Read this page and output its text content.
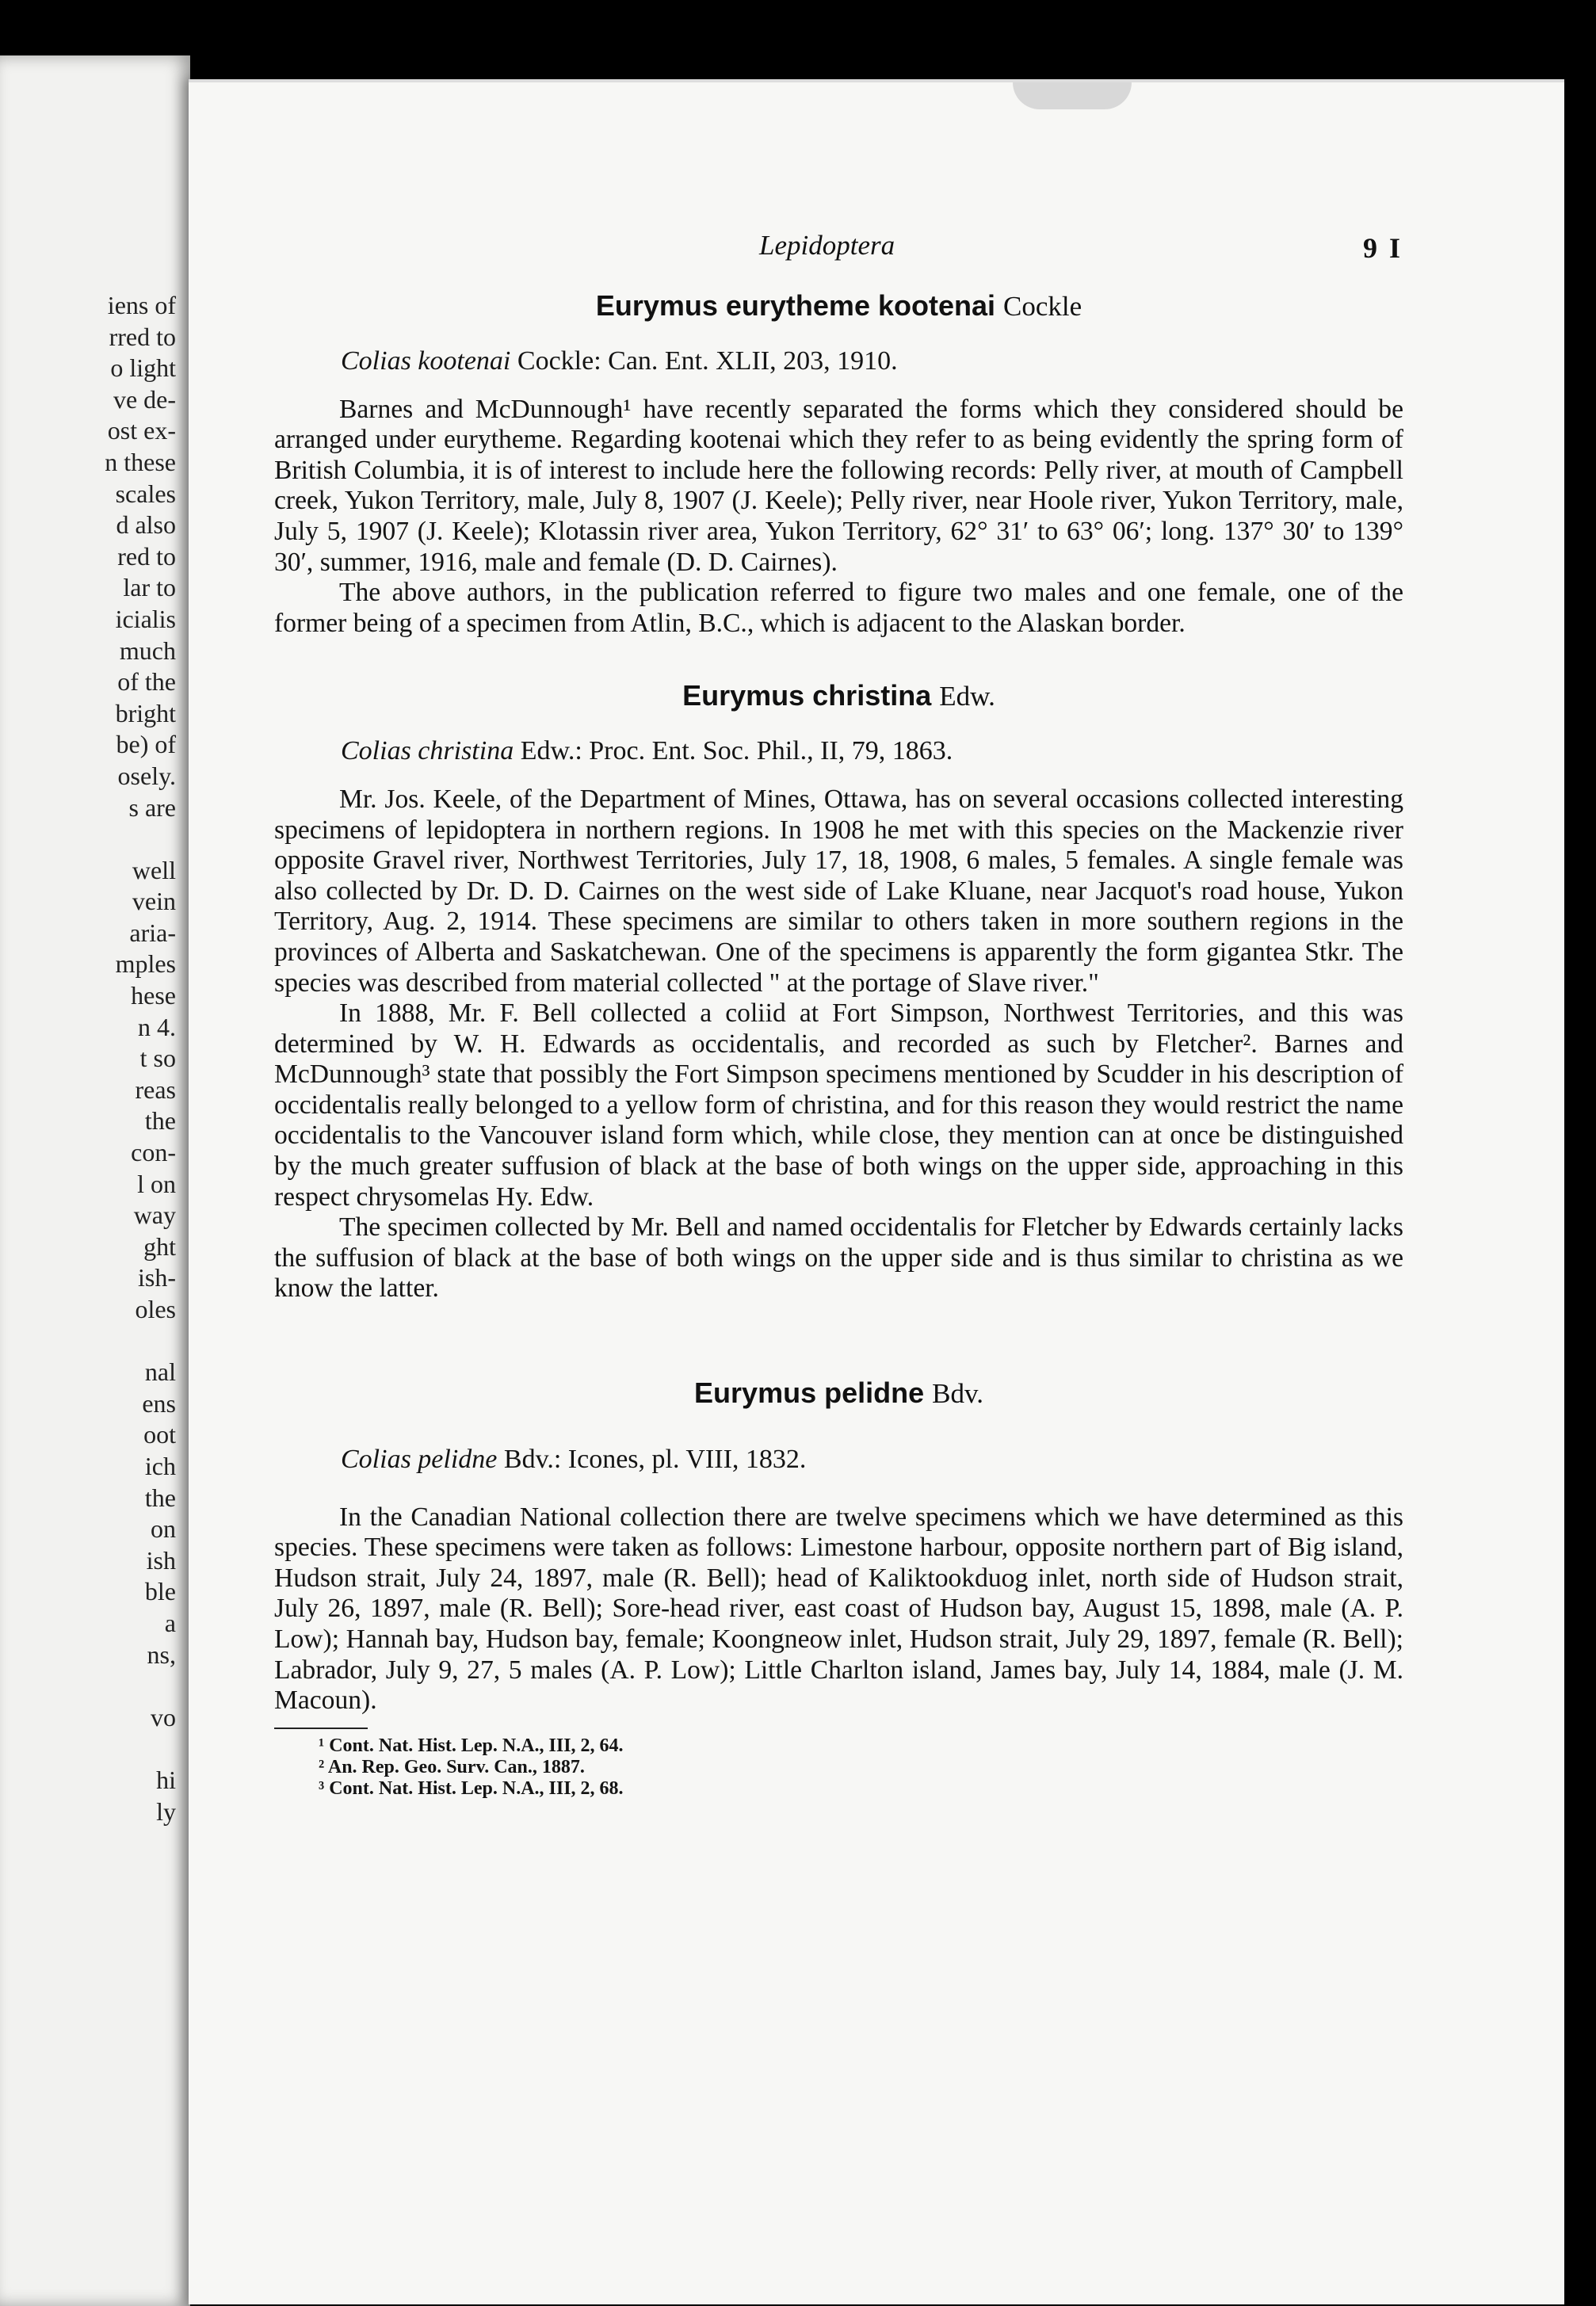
iens of
rred to
o light
ve de-
ost ex-
n these
scales
d also
red to
lar to
icialis
much
of the
bright
be) of
osely.
s are
well
vein
aria-
mples
hese
n 4.
t so
reas
the
con-
l on
way
ght
ish-
oles
nal
ens
oot
ich
the
on
ish
ble
a
ns,
vo
hi
ly
Lepidoptera	9 I
Eurymus eurytheme kootenai Cockle
Colias kootenai Cockle: Can. Ent. XLII, 203, 1910.

Barnes and McDunnough¹ have recently separated the forms which they considered should be arranged under eurytheme. Regarding kootenai which they refer to as being evidently the spring form of British Columbia, it is of interest to include here the following records: Pelly river, at mouth of Campbell creek, Yukon Territory, male, July 8, 1907 (J. Keele); Pelly river, near Hoole river, Yukon Territory, male, July 5, 1907 (J. Keele); Klotassin river area, Yukon Territory, 62° 31′ to 63° 06′; long. 137° 30′ to 139° 30′, summer, 1916, male and female (D. D. Cairnes).

The above authors, in the publication referred to figure two males and one female, one of the former being of a specimen from Atlin, B.C., which is adjacent to the Alaskan border.

Eurymus christina Edw.
Colias christina Edw.: Proc. Ent. Soc. Phil., II, 79, 1863.

Mr. Jos. Keele, of the Department of Mines, Ottawa, has on several occasions collected interesting specimens of lepidoptera in northern regions. In 1908 he met with this species on the Mackenzie river opposite Gravel river, Northwest Territories, July 17, 18, 1908, 6 males, 5 females. A single female was also collected by Dr. D. D. Cairnes on the west side of Lake Kluane, near Jacquot's road house, Yukon Territory, Aug. 2, 1914. These specimens are similar to others taken in more southern regions in the provinces of Alberta and Saskatchewan. One of the specimens is apparently the form gigantea Stkr. The species was described from material collected " at the portage of Slave river."

In 1888, Mr. F. Bell collected a coliid at Fort Simpson, Northwest Territories, and this was determined by W. H. Edwards as occidentalis, and recorded as such by Fletcher². Barnes and McDunnough³ state that possibly the Fort Simpson specimens mentioned by Scudder in his description of occidentalis really belonged to a yellow form of christina, and for this reason they would restrict the name occidentalis to the Vancouver island form which, while close, they mention can at once be distinguished by the much greater suffusion of black at the base of both wings on the upper side, approaching in this respect chrysomelas Hy. Edw.

The specimen collected by Mr. Bell and named occidentalis for Fletcher by Edwards certainly lacks the suffusion of black at the base of both wings on the upper side and is thus similar to christina as we know the latter.

Eurymus pelidne Bdv.
Colias pelidne Bdv.: Icones, pl. VIII, 1832.

In the Canadian National collection there are twelve specimens which we have determined as this species. These specimens were taken as follows: Limestone harbour, opposite northern part of Big island, Hudson strait, July 24, 1897, male (R. Bell); head of Kaliktookduog inlet, north side of Hudson strait, July 26, 1897, male (R. Bell); Sore-head river, east coast of Hudson bay, August 15, 1898, male (A. P. Low); Hannah bay, Hudson bay, female; Koongneow inlet, Hudson strait, July 29, 1897, female (R. Bell); Labrador, July 9, 27, 5 males (A. P. Low); Little Charlton island, James bay, July 14, 1884, male (J. M. Macoun).

¹ Cont. Nat. Hist. Lep. N.A., III, 2, 64.
² An. Rep. Geo. Surv. Can., 1887.
³ Cont. Nat. Hist. Lep. N.A., III, 2, 68.
